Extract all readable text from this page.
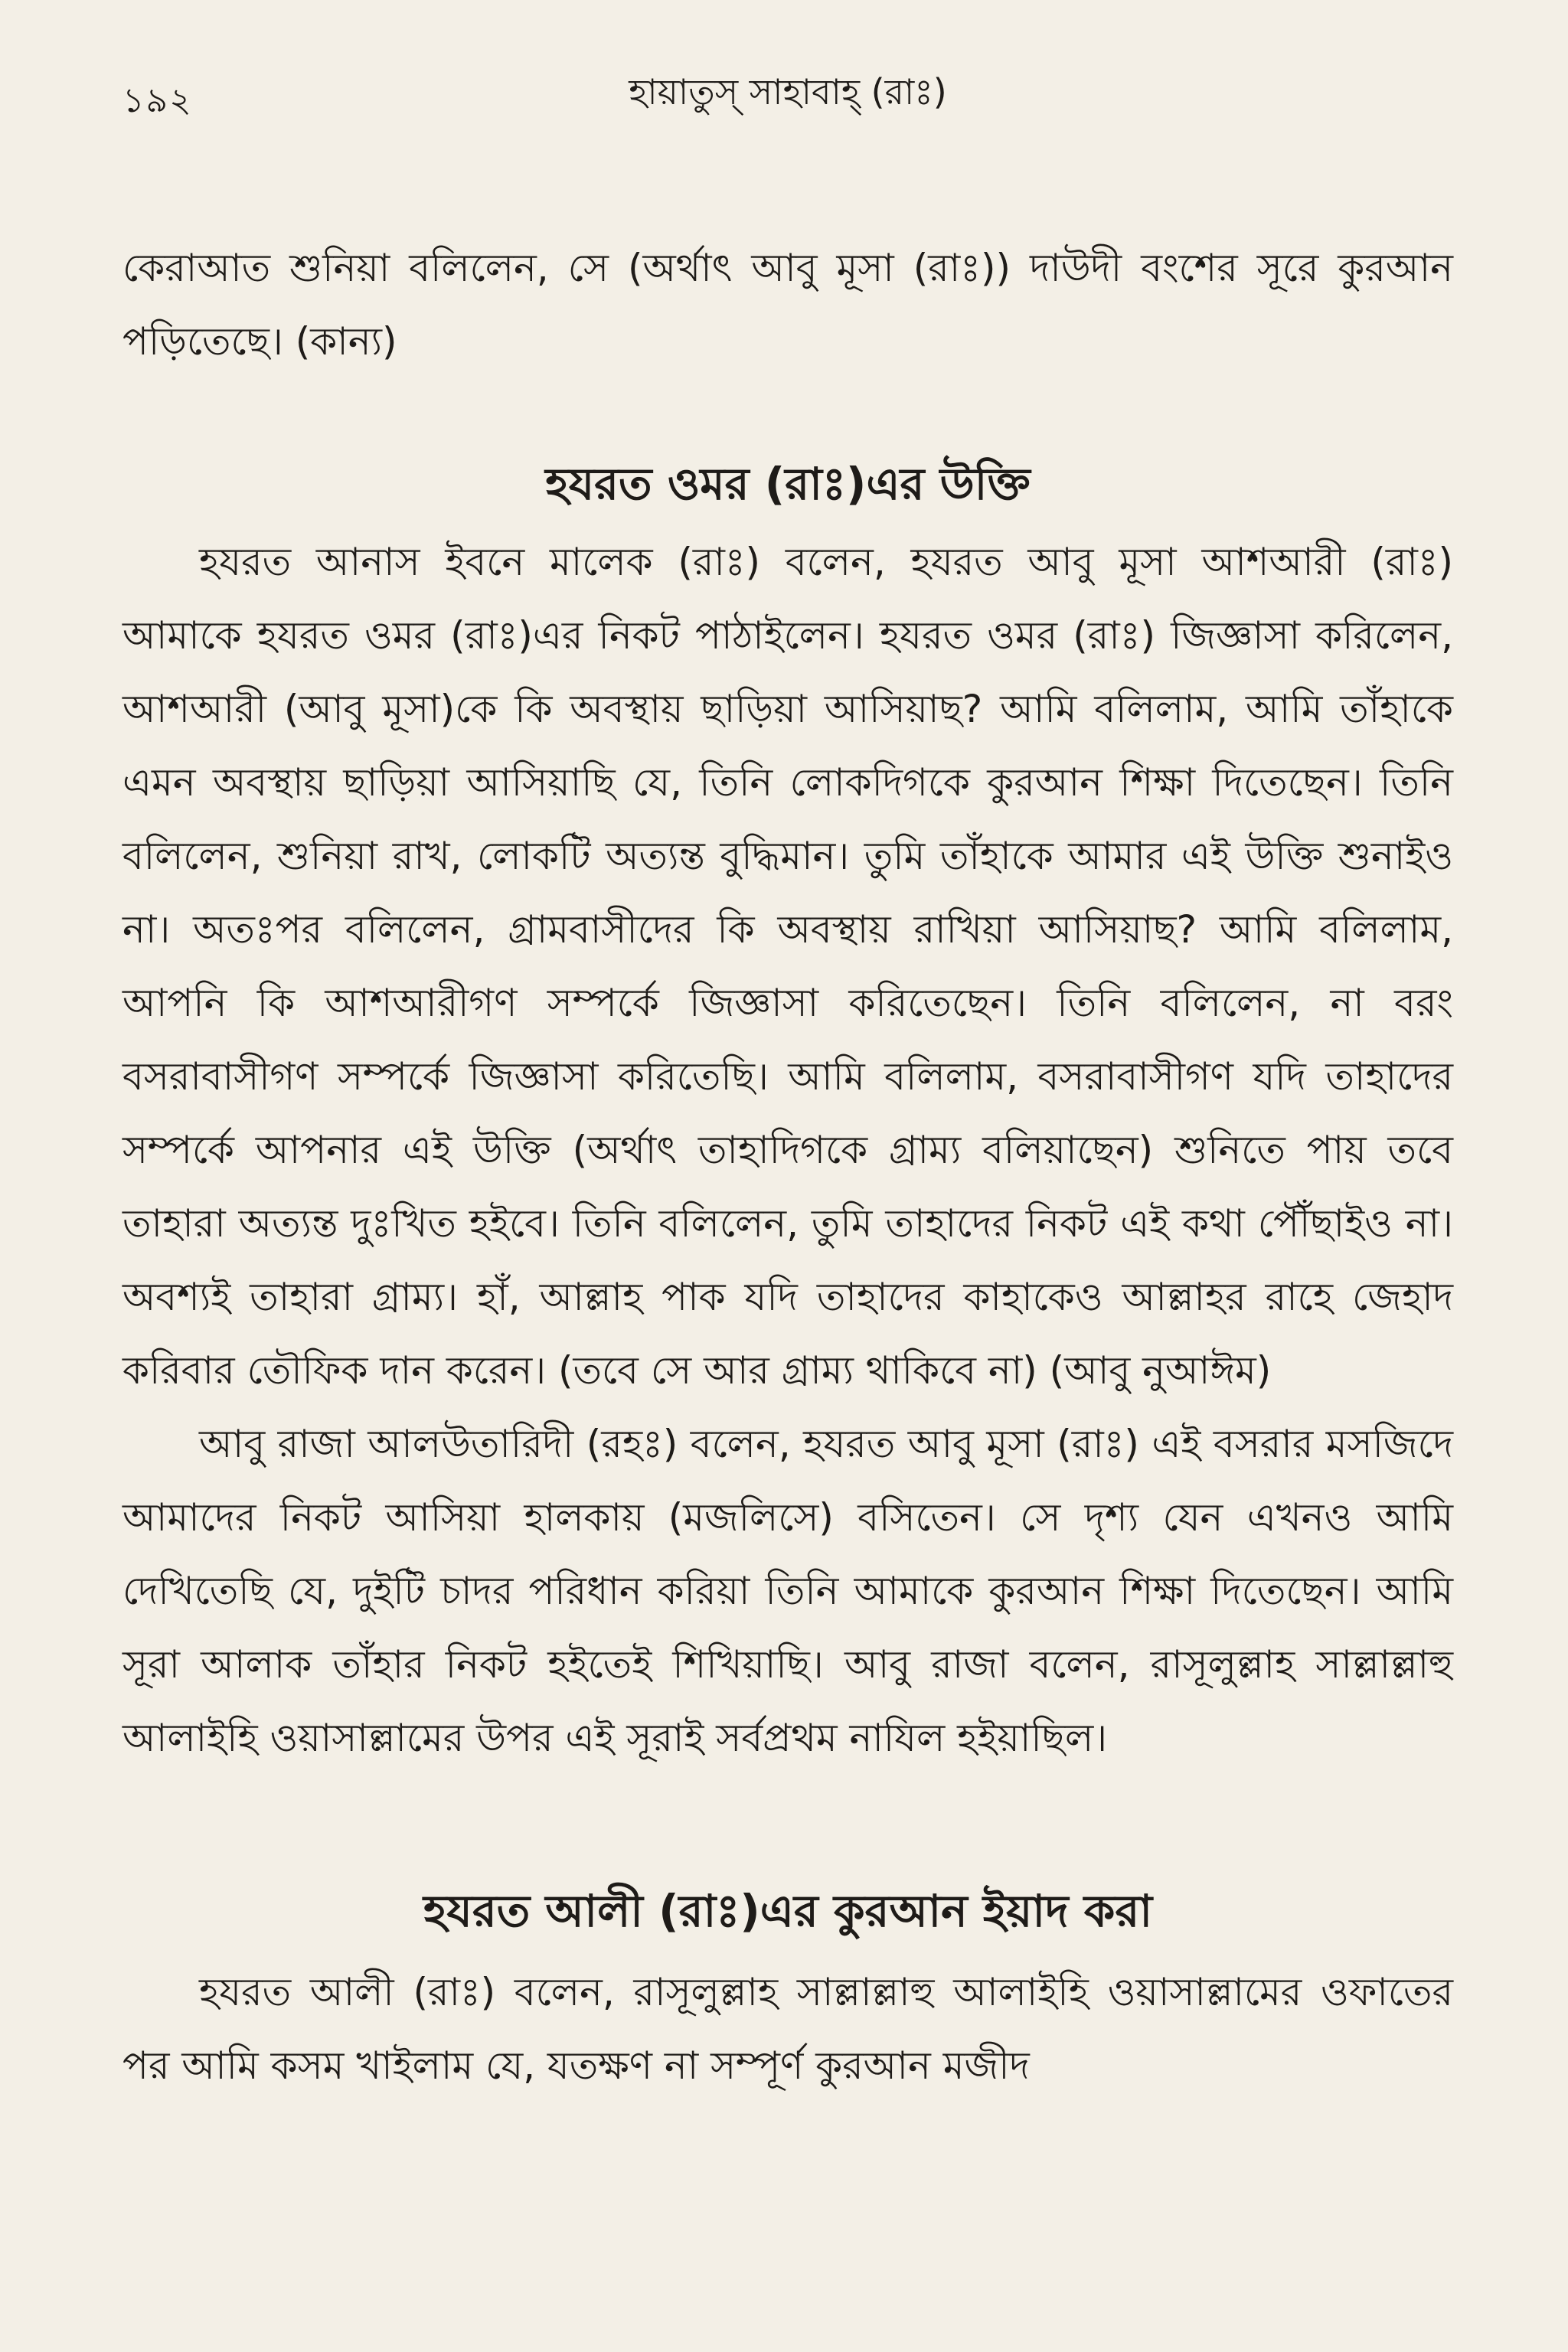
১৯২	হায়াতুস্ সাহাবাহ্ (রাঃ)

কেরাআত শুনিয়া বলিলেন, সে (অর্থাৎ আবু মূসা (রাঃ)) দাউদী বংশের সূরে কুরআন পড়িতেছে। (কান্য)

হযরত ওমর (রাঃ)এর উক্তি

হযরত আনাস ইবনে মালেক (রাঃ) বলেন, হযরত আবু মূসা আশআরী (রাঃ) আমাকে হযরত ওমর (রাঃ)এর নিকট পাঠাইলেন। হযরত ওমর (রাঃ) জিজ্ঞাসা করিলেন, আশআরী (আবু মূসা)কে কি অবস্থায় ছাড়িয়া আসিয়াছ? আমি বলিলাম, আমি তাঁহাকে এমন অবস্থায় ছাড়িয়া আসিয়াছি যে, তিনি লোকদিগকে কুরআন শিক্ষা দিতেছেন। তিনি বলিলেন, শুনিয়া রাখ, লোকটি অত্যন্ত বুদ্ধিমান। তুমি তাঁহাকে আমার এই উক্তি শুনাইও না। অতঃপর বলিলেন, গ্রামবাসীদের কি অবস্থায় রাখিয়া আসিয়াছ? আমি বলিলাম, আপনি কি আশআরীগণ সম্পর্কে জিজ্ঞাসা করিতেছেন। তিনি বলিলেন, না বরং বসরাবাসীগণ সম্পর্কে জিজ্ঞাসা করিতেছি। আমি বলিলাম, বসরাবাসীগণ যদি তাহাদের সম্পর্কে আপনার এই উক্তি (অর্থাৎ তাহাদিগকে গ্রাম্য বলিয়াছেন) শুনিতে পায় তবে তাহারা অত্যন্ত দুঃখিত হইবে। তিনি বলিলেন, তুমি তাহাদের নিকট এই কথা পৌঁছাইও না। অবশ্যই তাহারা গ্রাম্য। হাঁ, আল্লাহ পাক যদি তাহাদের কাহাকেও আল্লাহর রাহে জেহাদ করিবার তৌফিক দান করেন। (তবে সে আর গ্রাম্য থাকিবে না) (আবু নুআঈম)

আবু রাজা আলউতারিদী (রহঃ) বলেন, হযরত আবু মূসা (রাঃ) এই বসরার মসজিদে আমাদের নিকট আসিয়া হালকায় (মজলিসে) বসিতেন। সে দৃশ্য যেন এখনও আমি দেখিতেছি যে, দুইটি চাদর পরিধান করিয়া তিনি আমাকে কুরআন শিক্ষা দিতেছেন। আমি সূরা আলাক তাঁহার নিকট হইতেই শিখিয়াছি। আবু রাজা বলেন, রাসূলুল্লাহ সাল্লাল্লাহু আলাইহি ওয়াসাল্লামের উপর এই সূরাই সর্বপ্রথম নাযিল হইয়াছিল।

হযরত আলী (রাঃ)এর কুরআন ইয়াদ করা

হযরত আলী (রাঃ) বলেন, রাসূলুল্লাহ সাল্লাল্লাহু আলাইহি ওয়াসাল্লামের ওফাতের পর আমি কসম খাইলাম যে, যতক্ষণ না সম্পূর্ণ কুরআন মজীদ
